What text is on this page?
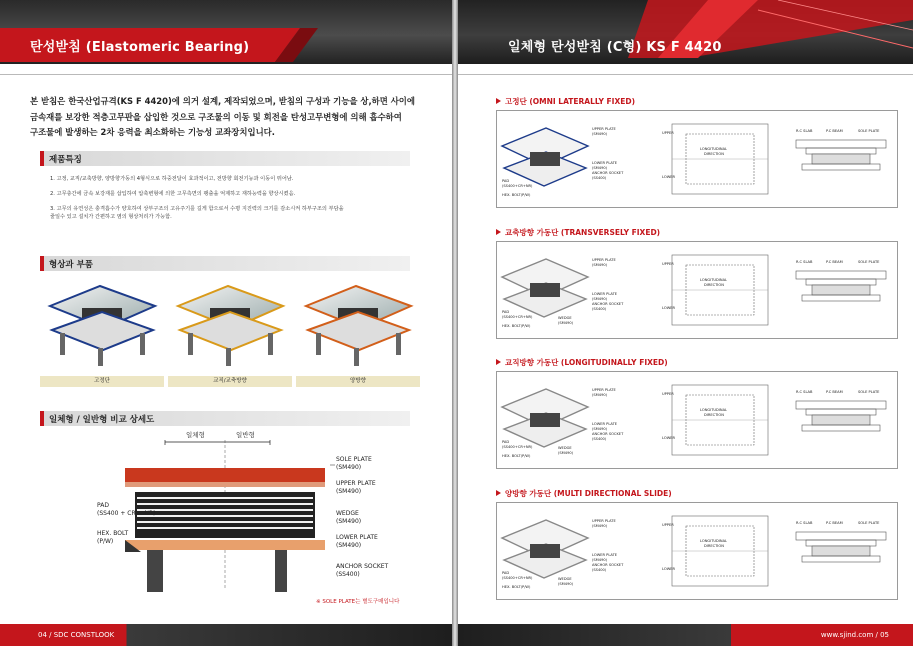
탄성받침 (Elastomeric Bearing)
본 받침은 한국산업규격(KS F 4420)에 의거 설계, 제작되었으며, 받침의 구성과 기능을 상,하면 사이에
금속재를 보강한 적층고무판을 삽입한 것으로 구조물의 이동 및 회전을 탄성고무변형에 의해 흡수하여
구조물에 발생하는 2차 응력을 최소화하는 기능성 교좌장치입니다.
제품특징
1. 고정, 교직/교축방향, 양방향가동의 4형식으로 하중전달이 효과적이고, 전방향 회전기능과 이동이 뛰어남.
2. 고무층간에 금속 보강재를 삽입하여 압축변형에 의한 고무측면의 팽출을 억제하고 재하능력을 향상시켰음.
3. 고무의 유연성은 충격흡수가 양호하여 상부구조의 고유주기를 길게 함으로서 수평 지진력의 크기를 감소시켜 하부구조의 부담을
줄일수 있고 설치가 간편하고 염의 형상처리가 가능함.
형상과 부품
고정단	교직/교축방향	양방향
일체형 / 일반형 비교 상세도
일체형	일반형
SOLE PLATE
(SM490)
UPPER PLATE
(SM490)
WEDGE
(SM490)
LOWER PLATE
(SM490)
ANCHOR SOCKET
(SS400)
PAD
(SS400 + CR + NR)
HEX. BOLT
(P/W)
※ SOLE PLATE는 별도구매입니다
04 / SDC CONSTLOOK
일체형 탄성받침 (C형) KS F 4420
고정단 (OMNI LATERALLY FIXED)
교축방향 가동단 (TRANSVERSELY FIXED)
교직방향 가동단 (LONGITUDINALLY FIXED)
양방향 가동단 (MULTI DIRECTIONAL SLIDE)
UPPER PLATE
(SM490)
LOWER PLATE
(SM490)
ANCHOR SOCKET
(SS400)
PAD
(SS400+CR+NR)
HEX. BOLT(P/W)
LONGITUDINAL
DIRECTION
UPPER
LOWER
R.C SLAB	P.C BEAM	SOLE PLATE
UPPER PLATE
(SM490)
LOWER PLATE
(SM490)
ANCHOR SOCKET
(SS400)
PAD
(SS400+CR+NR)
HEX. BOLT(P/W)
WEDGE
(SM490)
LONGITUDINAL
DIRECTION
UPPER
LOWER
R.C SLAB	P.C BEAM	SOLE PLATE
UPPER PLATE
(SM490)
LOWER PLATE
(SM490)
ANCHOR SOCKET
(SS400)
PAD
(SS400+CR+NR)
HEX. BOLT(P/W)
WEDGE
(SM490)
LONGITUDINAL
DIRECTION
UPPER
LOWER
R.C SLAB	P.C BEAM	SOLE PLATE
UPPER PLATE
(SM490)
LOWER PLATE
(SM490)
ANCHOR SOCKET
(SS400)
PAD
(SS400+CR+NR)
HEX. BOLT(P/W)
WEDGE
(SM490)
LONGITUDINAL
DIRECTION
UPPER
LOWER
R.C SLAB	P.C BEAM	SOLE PLATE
www.sjind.com / 05
